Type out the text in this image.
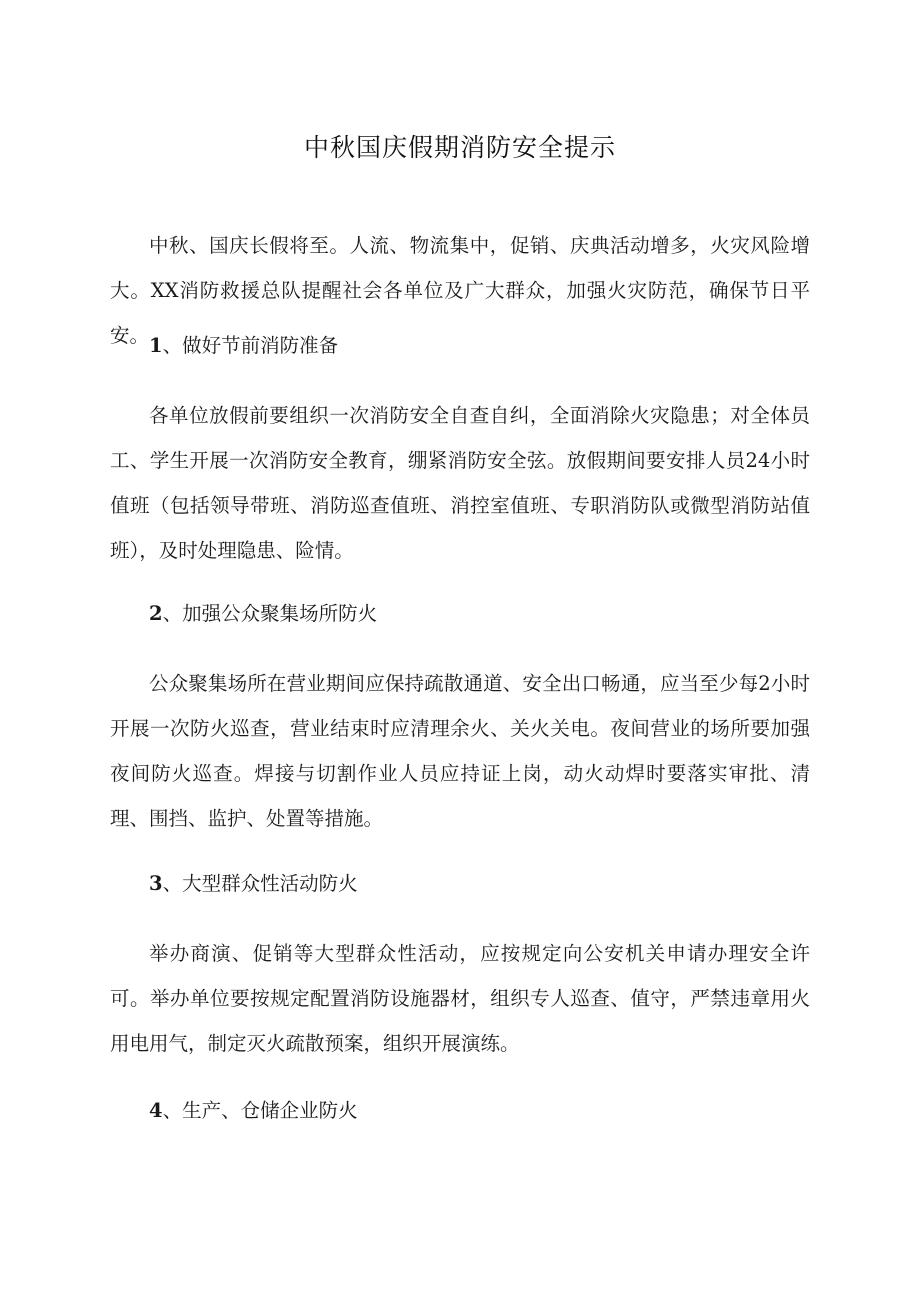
中秋国庆假期消防安全提示

中秋、国庆长假将至。人流、物流集中，促销、庆典活动增多，火灾风险增大。XX消防救援总队提醒社会各单位及广大群众，加强火灾防范，确保节日平安。 1、做好节前消防准备

各单位放假前要组织一次消防安全自查自纠，全面消除火灾隐患；对全体员工、学生开展一次消防安全教育，绷紧消防安全弦。放假期间要安排人员24小时值班（包括领导带班、消防巡查值班、消控室值班、专职消防队或微型消防站值班），及时处理隐患、险情。

2、加强公众聚集场所防火

公众聚集场所在营业期间应保持疏散通道、安全出口畅通，应当至少每2小时开展一次防火巡查，营业结束时应清理余火、关火关电。夜间营业的场所要加强夜间防火巡查。焊接与切割作业人员应持证上岗，动火动焊时要落实审批、清理、围挡、监护、处置等措施。

3、大型群众性活动防火

举办商演、促销等大型群众性活动，应按规定向公安机关申请办理安全许可。举办单位要按规定配置消防设施器材，组织专人巡查、值守，严禁违章用火用电用气，制定灭火疏散预案，组织开展演练。

4、生产、仓储企业防火
